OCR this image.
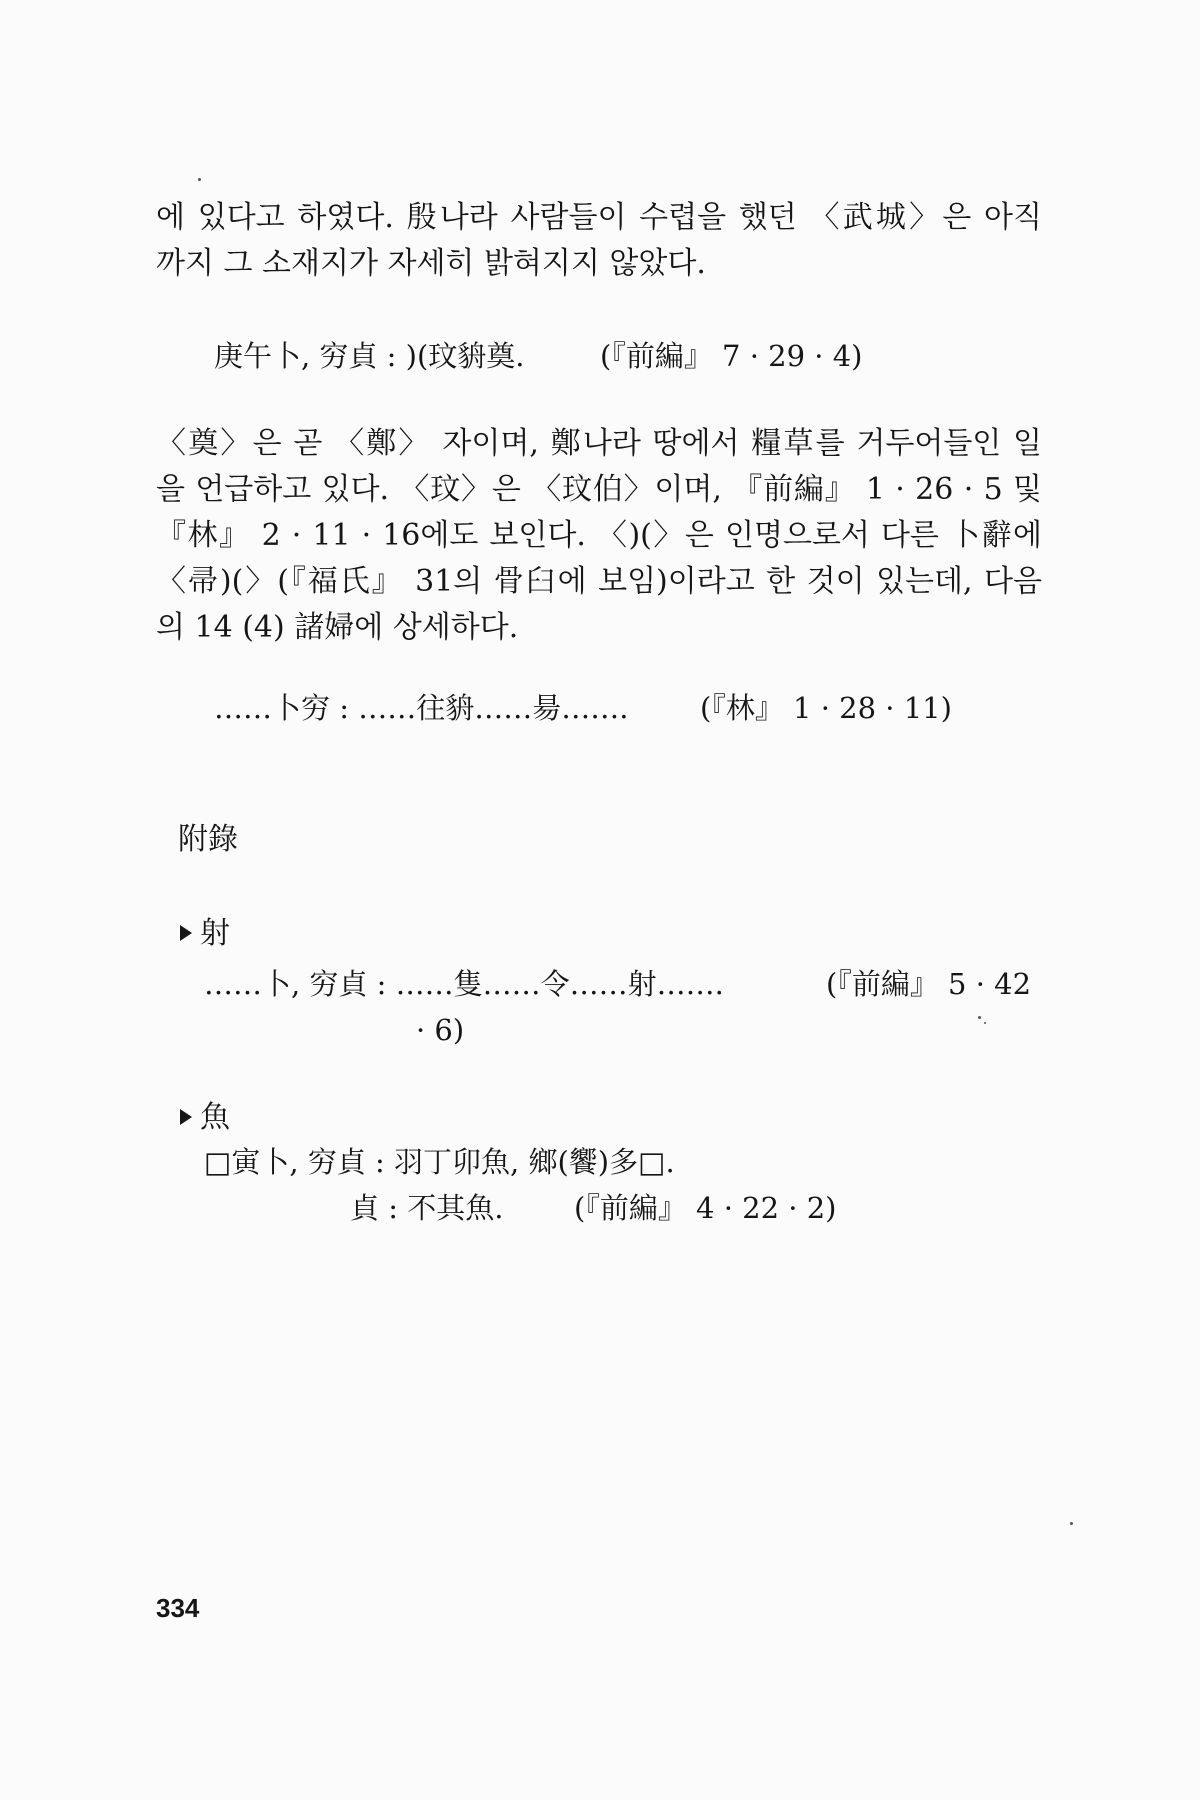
에 있다고 하였다. 殷나라 사람들이 수렵을 했던 〈武城〉은 아직

까지 그 소재지가 자세히 밝혀지지 않았다.

庚午卜, 穷貞 : )(玟貈奠.	(『前編』 7 · 29 · 4)

〈奠〉은 곧 〈鄭〉 자이며, 鄭나라 땅에서 糧草를 거두어들인 일

을 언급하고 있다. 〈玟〉은 〈玟伯〉이며, 『前編』 1 · 26 · 5 및

『林』 2 · 11 · 16에도 보인다. 〈)(〉은 인명으로서 다른 卜辭에

〈帚)(〉(『福氏』 31의 骨臼에 보임)이라고 한 것이 있는데, 다음

의 14 (4) 諸婦에 상세하다.

……卜穷 : ……往貈……昜……. (『林』 1 · 28 · 11)

附錄

射

……卜, 穷貞 : ……隻……令……射…….	(『前編』 5 · 42

· 6)

魚

□寅卜, 穷貞 : 羽丁卯魚, 鄉(饗)多□.

貞 : 不其魚. (『前編』 4 · 22 · 2)

334
